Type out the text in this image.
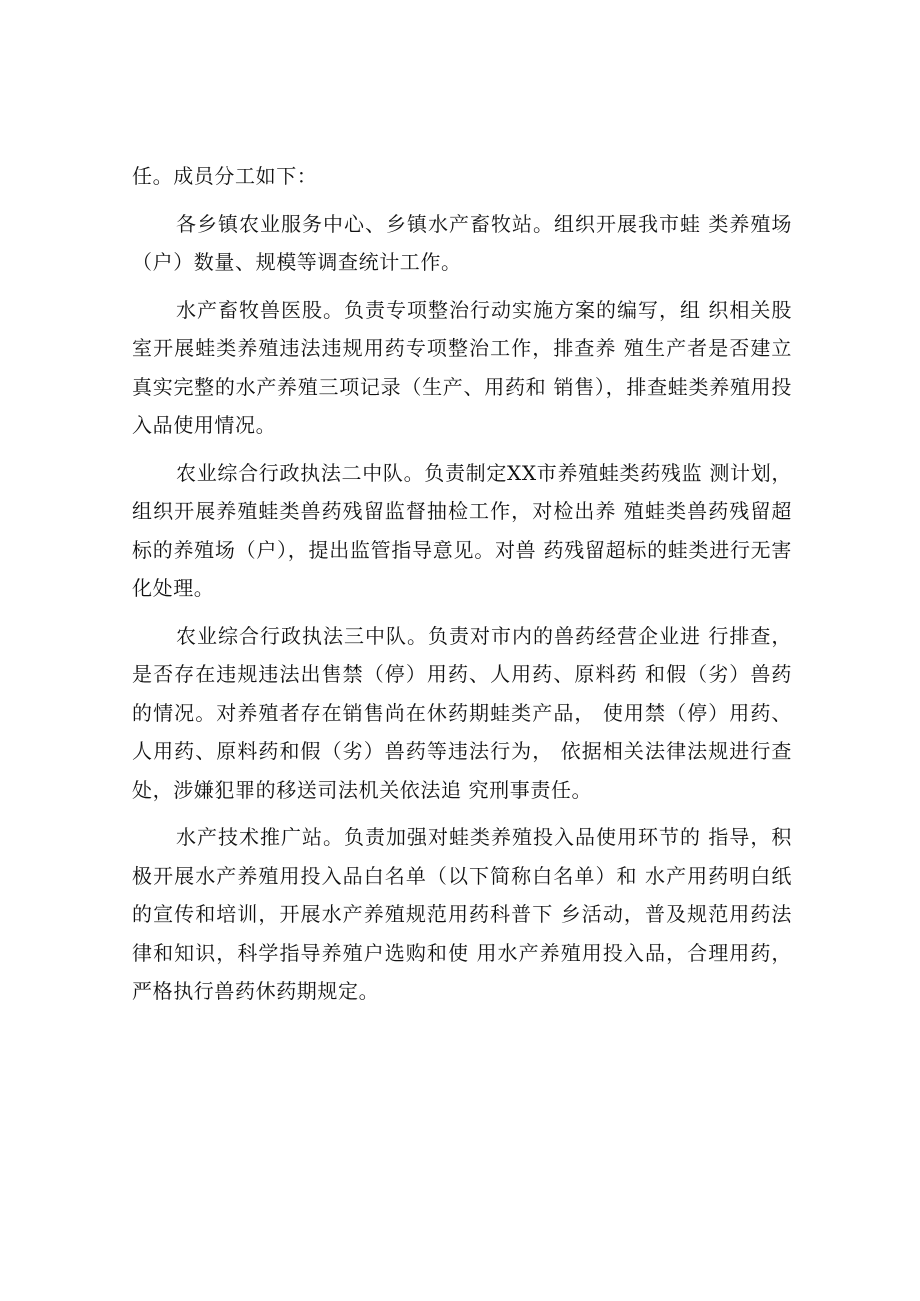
任。成员分工如下：

各乡镇农业服务中心、乡镇水产畜牧站。组织开展我市蛙 类养殖场（户）数量、规模等调查统计工作。

水产畜牧兽医股。负责专项整治行动实施方案的编写，组 织相关股室开展蛙类养殖违法违规用药专项整治工作，排查养 殖生产者是否建立真实完整的水产养殖三项记录（生产、用药和 销售），排查蛙类养殖用投入品使用情况。

农业综合行政执法二中队。负责制定XX市养殖蛙类药残监 测计划，组织开展养殖蛙类兽药残留监督抽检工作，对检出养 殖蛙类兽药残留超标的养殖场（户），提出监管指导意见。对兽 药残留超标的蛙类进行无害化处理。

农业综合行政执法三中队。负责对市内的兽药经营企业进 行排查，是否存在违规违法出售禁（停）用药、人用药、原料药 和假（劣）兽药的情况。对养殖者存在销售尚在休药期蛙类产品， 使用禁（停）用药、人用药、原料药和假（劣）兽药等违法行为， 依据相关法律法规进行查处，涉嫌犯罪的移送司法机关依法追 究刑事责任。

水产技术推广站。负责加强对蛙类养殖投入品使用环节的 指导，积极开展水产养殖用投入品白名单（以下简称白名单）和 水产用药明白纸的宣传和培训，开展水产养殖规范用药科普下 乡活动，普及规范用药法律和知识，科学指导养殖户选购和使 用水产养殖用投入品，合理用药，严格执行兽药休药期规定。
